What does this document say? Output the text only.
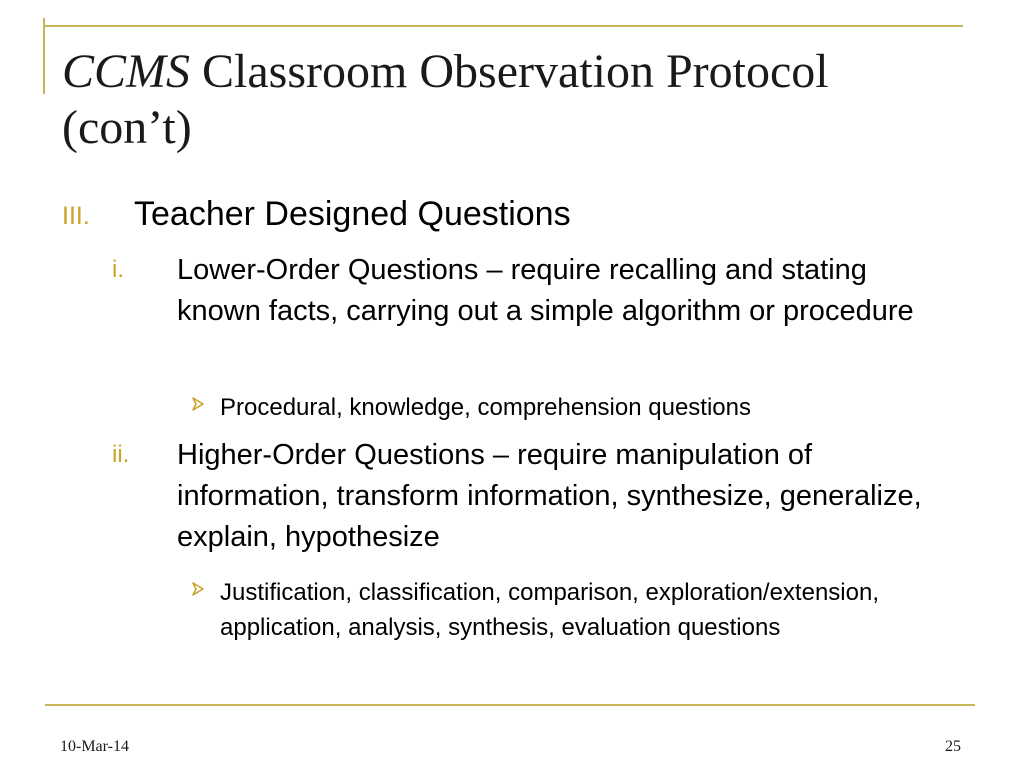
CCMS Classroom Observation Protocol (con’t)
III. Teacher Designed Questions
i. Lower-Order Questions – require recalling and stating known facts, carrying out a simple algorithm or procedure
Procedural, knowledge, comprehension questions
ii. Higher-Order Questions – require manipulation of information, transform information, synthesize, generalize, explain, hypothesize
Justification, classification, comparison, exploration/extension, application, analysis, synthesis, evaluation questions
10-Mar-14	25
